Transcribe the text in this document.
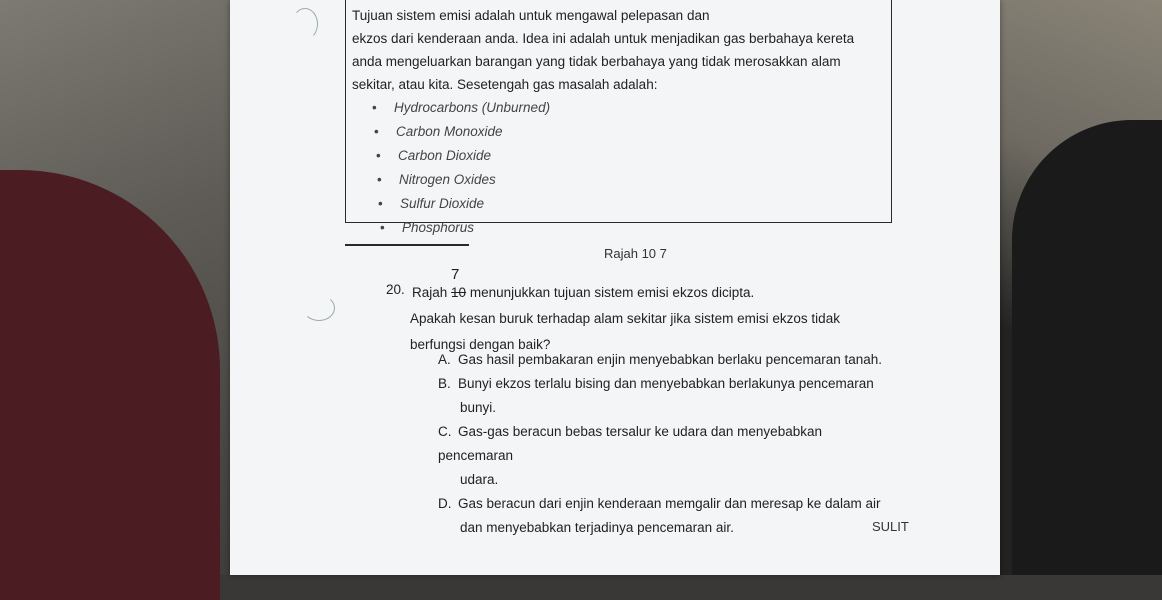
Tujuan sistem emisi adalah untuk mengawal pelepasan dan
ekzos dari kenderaan anda. Idea ini adalah untuk menjadikan gas berbahaya kereta
anda mengeluarkan barangan yang tidak berbahaya yang tidak merosakkan alam
sekitar, atau kita. Sesetengah gas masalah adalah:
• Hydrocarbons (Unburned)
• Carbon Monoxide
• Carbon Dioxide
• Nitrogen Oxides
• Sulfur Dioxide
• Phosphorus
Rajah 10 7
20.
7
Rajah 10 menunjukkan tujuan sistem emisi ekzos dicipta.
Apakah kesan buruk terhadap alam sekitar jika sistem emisi ekzos tidak
berfungsi dengan baik?
A. Gas hasil pembakaran enjin menyebabkan berlaku pencemaran tanah.
B. Bunyi ekzos terlalu bising dan menyebabkan berlakunya pencemaran
bunyi.
C. Gas-gas beracun bebas tersalur ke udara dan menyebabkan pencemaran
udara.
D. Gas beracun dari enjin kenderaan memgalir dan meresap ke dalam air
dan menyebabkan terjadinya pencemaran air.	SULIT
